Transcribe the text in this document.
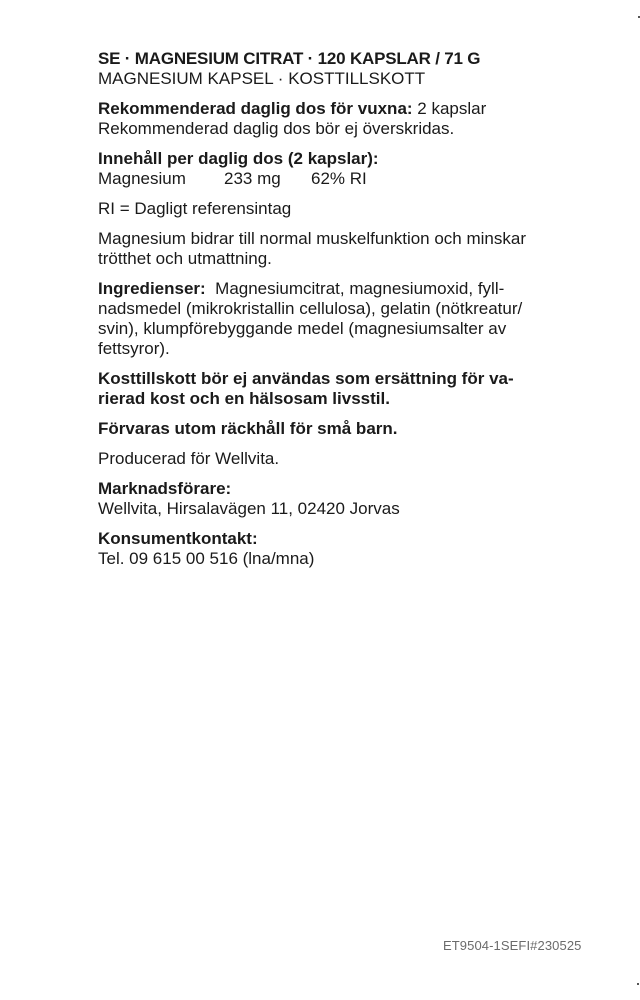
SE · MAGNESIUM CITRAT · 120 KAPSLAR / 71 G
MAGNESIUM KAPSEL · KOSTTILLSKOTT
Rekommenderad daglig dos för vuxna: 2 kapslar
Rekommenderad daglig dos bör ej överskridas.
Innehåll per daglig dos (2 kapslar):
Magnesium	233 mg	62% RI
RI = Dagligt referensintag
Magnesium bidrar till normal muskelfunktion och minskar trötthet och utmattning.
Ingredienser: Magnesiumcitrat, magnesiumoxid, fyll-
nadsmedel (mikrokristallin cellulosa), gelatin (nötkreatur/
svin), klumpförebyggande medel (magnesiumsalter av
fettsyror).
Kosttillskott bör ej användas som ersättning för va-
rierad kost och en hälsosam livsstil.
Förvaras utom räckhåll för små barn.
Producerad för Wellvita.
Marknadsförare:
Wellvita, Hirsalavägen 11, 02420 Jorvas
Konsumentkontakt:
Tel. 09 615 00 516 (lna/mna)
ET9504-1SEFI#230525
